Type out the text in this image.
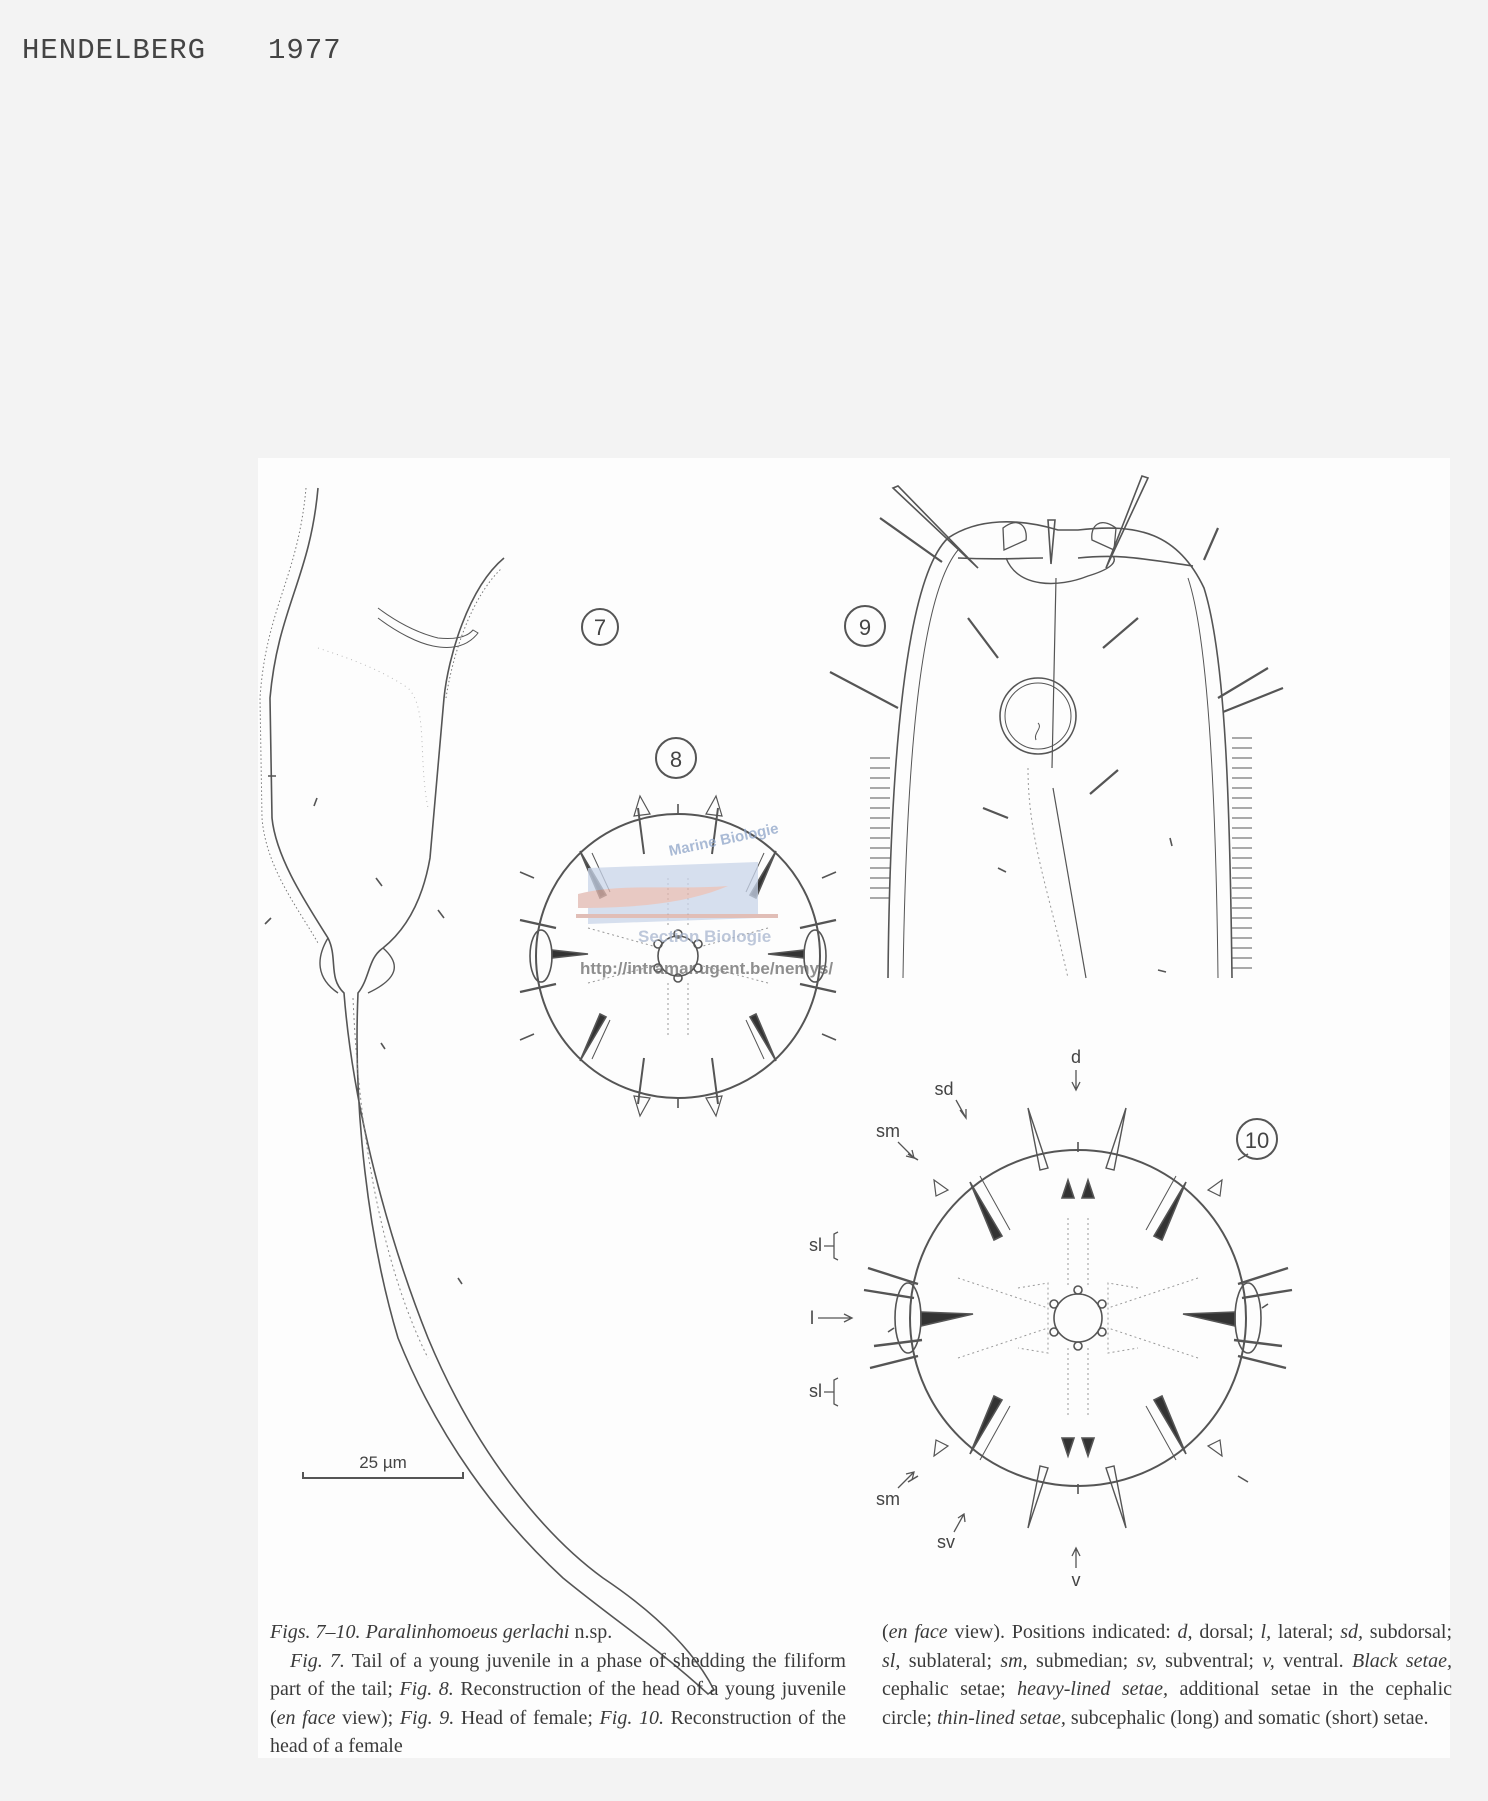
HENDELBERG 1977
7
25 µm
8
Marine Biologie
Section Biologie
http://intramar.ugent.be/nemys/
9
10
d
sd
sm
sl
l
sl
sm
sv
v

Figs. 7–10. Paralinhomoeus gerlachi n.sp.

Fig. 7. Tail of a young juvenile in a phase of shedding the filiform part of the tail; Fig. 8. Reconstruction of the head of a young juvenile (en face view); Fig. 9. Head of female; Fig. 10. Reconstruction of the head of a female

(en face view). Positions indicated: d, dorsal; l, lateral; sd, subdorsal; sl, sublateral; sm, submedian; sv, subventral; v, ventral. Black setae, cephalic setae; heavy-lined setae, additional setae in the cephalic circle; thin-lined setae, subcephalic (long) and somatic (short) setae.
